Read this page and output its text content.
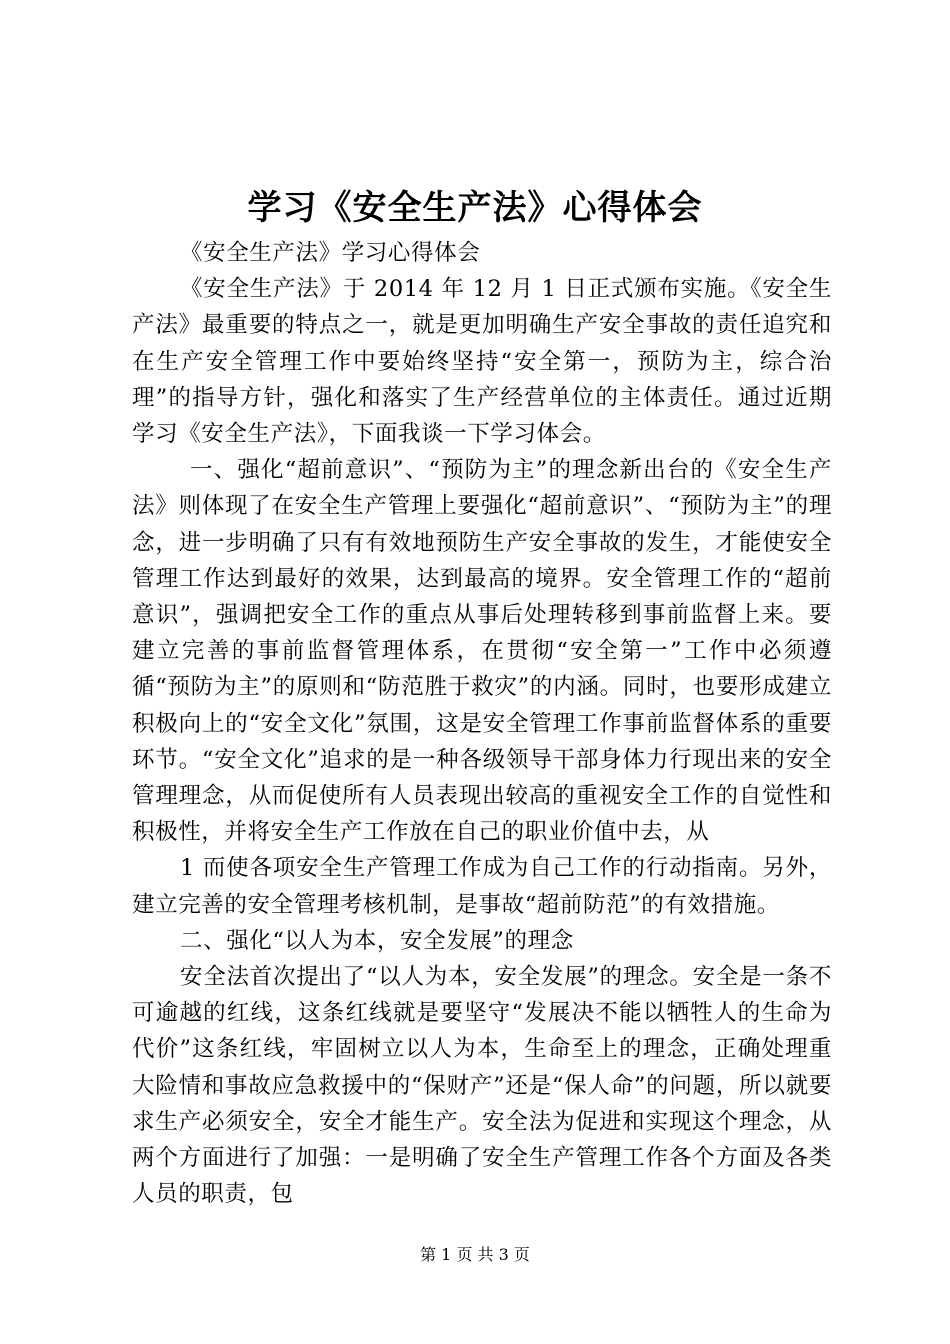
学习《安全生产法》心得体会

《安全生产法》学习心得体会

《安全生产法》于 2014 年 12 月 1 日正式颁布实施。《安全生产法》最重要的特点之一，就是更加明确生产安全事故的责任追究和在生产安全管理工作中要始终坚持“安全第一，预防为主，综合治理”的指导方针，强化和落实了生产经营单位的主体责任。通过近期学习《安全生产法》，下面我谈一下学习体会。

一、强化“超前意识”、“预防为主”的理念新出台的《安全生产法》则体现了在安全生产管理上要强化“超前意识”、“预防为主”的理念，进一步明确了只有有效地预防生产安全事故的发生，才能使安全管理工作达到最好的效果，达到最高的境界。安全管理工作的“超前意识”，强调把安全工作的重点从事后处理转移到事前监督上来。要建立完善的事前监督管理体系，在贯彻“安全第一”工作中必须遵循“预防为主”的原则和“防范胜于救灾”的内涵。同时，也要形成建立积极向上的“安全文化”氛围，这是安全管理工作事前监督体系的重要环节。“安全文化”追求的是一种各级领导干部身体力行现出来的安全管理理念，从而促使所有人员表现出较高的重视安全工作的自觉性和积极性，并将安全生产工作放在自己的职业价值中去，从

1 而使各项安全生产管理工作成为自己工作的行动指南。另外，建立完善的安全管理考核机制，是事故“超前防范”的有效措施。

二、强化“以人为本，安全发展”的理念

安全法首次提出了“以人为本，安全发展”的理念。安全是一条不可逾越的红线，这条红线就是要坚守“发展决不能以牺牲人的生命为代价”这条红线，牢固树立以人为本，生命至上的理念，正确处理重大险情和事故应急救援中的“保财产”还是“保人命”的问题，所以就要求生产必须安全，安全才能生产。安全法为促进和实现这个理念，从两个方面进行了加强：一是明确了安全生产管理工作各个方面及各类人员的职责，包

第 1 页 共 3 页
